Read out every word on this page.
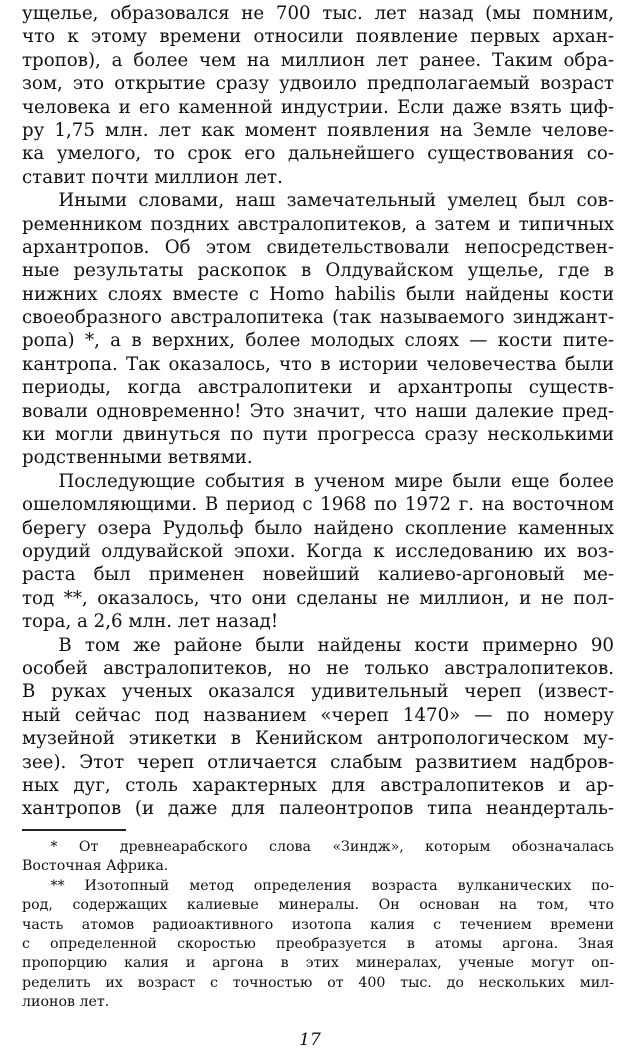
ущелье, образовался не 700 тыс. лет назад (мы помним,
что к этому времени относили появление первых архан-
тропов), а более чем на миллион лет ранее. Таким обра-
зом, это открытие сразу удвоило предполагаемый возраст
человека и его каменной индустрии. Если даже взять циф-
ру 1,75 млн. лет как момент появления на Земле челове-
ка умелого, то срок его дальнейшего существования со-
ставит почти миллион лет.
Иными словами, наш замечательный умелец был сов-
ременником поздних австралопитеков, а затем и типичных
архантропов. Об этом свидетельствовали непосредствен-
ные результаты раскопок в Олдувайском ущелье, где в
нижних слоях вместе с Homo habilis были найдены кости
своеобразного австралопитека (так называемого зинджант-
ропа) *, а в верхних, более молодых слоях — кости пите-
кантропа. Так оказалось, что в истории человечества были
периоды, когда австралопитеки и архантропы существ-
вовали одновременно! Это значит, что наши далекие пред-
ки могли двинуться по пути прогресса сразу несколькими
родственными ветвями.
Последующие события в ученом мире были еще более
ошеломляющими. В период с 1968 по 1972 г. на восточном
берегу озера Рудольф было найдено скопление каменных
орудий олдувайской эпохи. Когда к исследованию их воз-
раста был применен новейший калиево-аргоновый ме-
тод **, оказалось, что они сделаны не миллион, и не пол-
тора, а 2,6 млн. лет назад!
В том же районе были найдены кости примерно 90
особей австралопитеков, но не только австралопитеков.
В руках ученых оказался удивительный череп (извест-
ный сейчас под названием «череп 1470» — по номеру
музейной этикетки в Кенийском антропологическом му-
зее). Этот череп отличается слабым развитием надбров-
ных дуг, столь характерных для австралопитеков и ар-
хантропов (и даже для палеонтропов типа неандерталь-
* От древнеарабского слова «Зиндж», которым обозначалась
Восточная Африка.
** Изотопный метод определения возраста вулканических по-
род, содержащих калиевые минералы. Он основан на том, что
часть атомов радиоактивного изотопа калия с течением времени
с определенной скоростью преобразуется в атомы аргона. Зная
пропорцию калия и аргона в этих минералах, ученые могут оп-
ределить их возраст с точностью от 400 тыс. до нескольких мил-
лионов лет.
17
